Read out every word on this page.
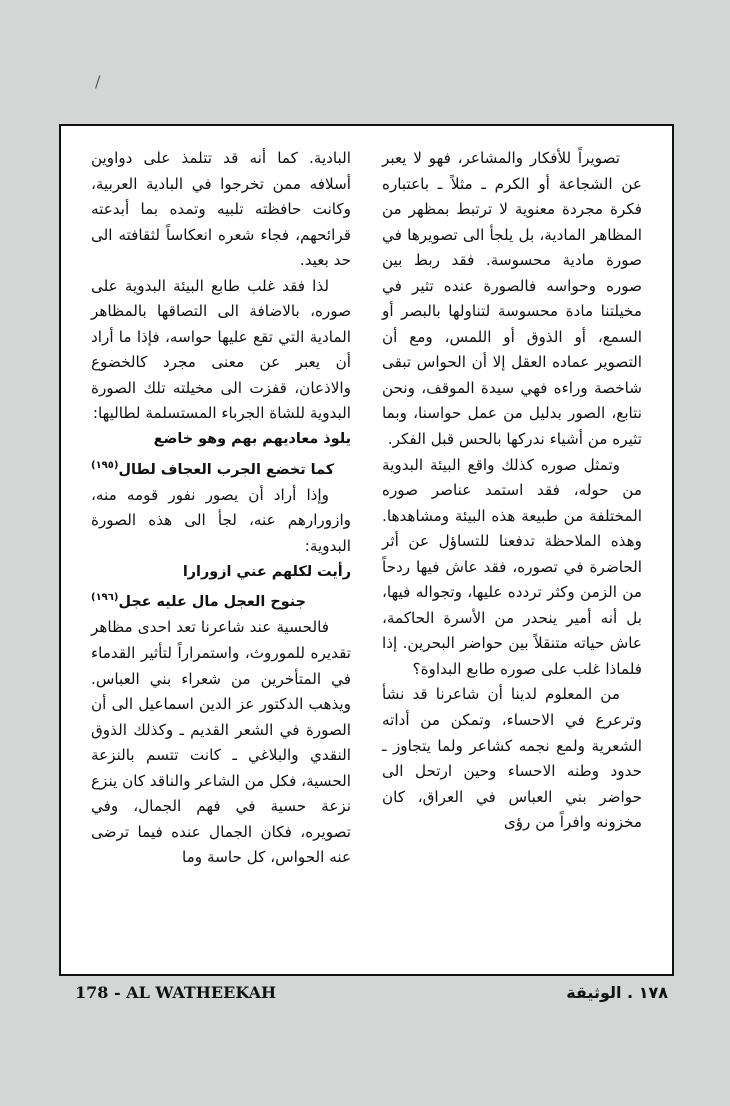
/

تصويراً للأفكار والمشاعر، فهو لا يعبر عن الشجاعة أو الكرم ـ مثلاً ـ باعتباره فكرة مجردة معنوية لا ترتبط بمظهر من المظاهر المادية، بل يلجأ الى تصويرها في صورة مادية محسوسة. فقد ربط بين صوره وحواسه فالصورة عنده تثير في مخيلتنا مادة محسوسة لتناولها بالبصر أو السمع، أو الذوق أو اللمس، ومع أن التصوير عماده العقل إلا أن الحواس تبقى شاخصة وراءه فهي سيدة الموقف، ونحن نتابع، الصور بدليل من عمل حواسنا، وبما تثيره من أشياء ندركها بالحس قبل الفكر.

وتمثل صوره كذلك واقع البيئة البدوية من حوله، فقد استمد عناصر صوره المختلفة من طبيعة هذه البيئة ومشاهدها. وهذه الملاحظة تدفعنا للتساؤل عن أثر الحاضرة في تصوره، فقد عاش فيها ردحاً من الزمن وكثر تردده عليها، وتجواله فيها، بل أنه أمير ينحدر من الأسرة الحاكمة، عاش حياته متنقلاً بين حواضر البحرين. إذا فلماذا غلب على صوره طابع البداوة؟

من المعلوم لدينا أن شاعرنا قد نشأ وترعرع في الاحساء، وتمكن من أداته الشعرية ولمع نجمه كشاعر ولما يتجاوز ـ حدود وطنه الاحساء وحين ارتحل الى حواضر بني العباس في العراق، كان مخزونه وافراً من رؤى

البادية. كما أنه قد تتلمذ على دواوين أسلافه ممن تخرجوا في البادية العربية، وكانت حافظته تلبيه وتمده بما أبدعته قرائحهم، فجاء شعره انعكاساً لثقافته الى حد بعيد.

لذا فقد غلب طابع البيئة البدوية على صوره، بالاضافة الى التصاقها بالمظاهر المادية التي تقع عليها حواسه، فإذا ما أراد أن يعبر عن معنى مجرد كالخضوع والاذعان، قفزت الى مخيلته تلك الصورة البدوية للشاة الجرباء المستسلمة لطاليها:

يلوذ معاديهم بهم وهو خاضع

كما تخضع الجرب العجاف لطال$^{(١٩٥)}$

وإذا أراد أن يصور نفور قومه منه، وازورارهم عنه، لجأ الى هذه الصورة البدوية:

رأيت لكلهم عني ازورارا

جنوح العجل مال عليه عجل$^{(١٩٦)}$

فالحسية عند شاعرنا تعد احدى مظاهر تقديره للموروث، واستمراراً لتأثير القدماء في المتأخرين من شعراء بني العباس. ويذهب الدكتور عز الدين اسماعيل الى أن الصورة في الشعر القديم ـ وكذلك الذوق النقدي والبلاغي ـ كانت تتسم بالنزعة الحسية، فكل من الشاعر والناقد كان ينزع نزعة حسية في فهم الجمال، وفي تصويره، فكان الجمال عنده فيما ترضى عنه الحواس، كل حاسة وما

178 - AL WATHEEKAH	١٧٨ . الوثيقة
